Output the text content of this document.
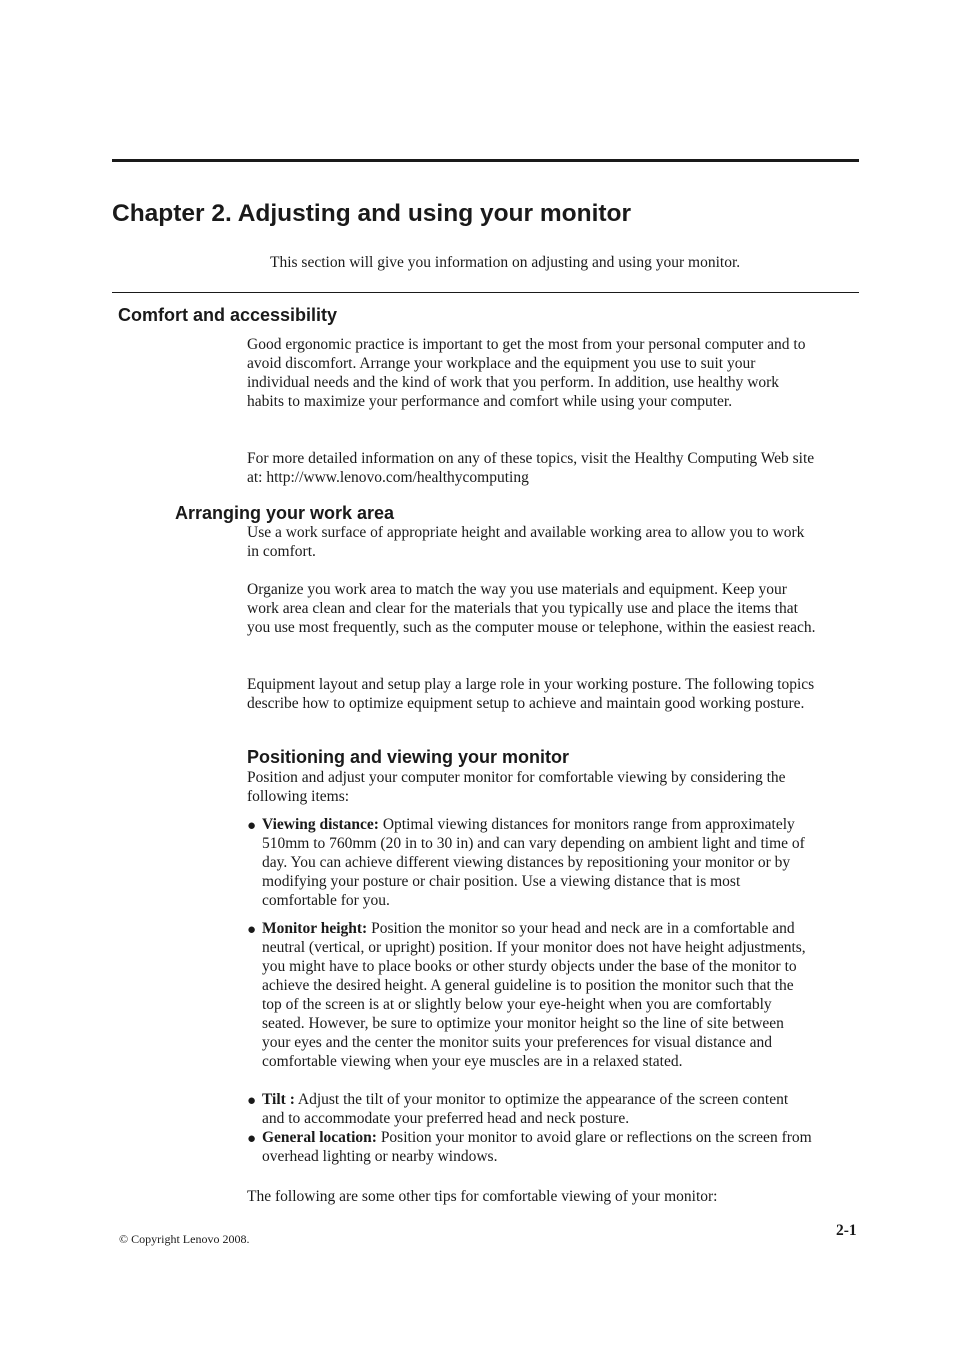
Chapter 2. Adjusting and using your monitor
This section will give you information on adjusting and using your monitor.
Comfort and accessibility

Good ergonomic practice is important to get the most from your personal computer and to avoid discomfort. Arrange your workplace and the equipment you use to suit your individual needs and the kind of work that you perform. In addition, use healthy work habits to maximize your performance and comfort while using your computer.

For more detailed information on any of these topics, visit the Healthy Computing Web site at: http://www.lenovo.com/healthycomputing

Arranging your work area

Use a work surface of appropriate height and available working area to allow you to work in comfort.

Organize you work area to match the way you use materials and equipment. Keep your work area clean and clear for the materials that you typically use and place the items that you use most frequently, such as the computer mouse or telephone, within the easiest reach.

Equipment layout and setup play a large role in your working posture. The following topics describe how to optimize equipment setup to achieve and maintain good working posture.

Positioning and viewing your monitor

Position and adjust your computer monitor for comfortable viewing by considering the following items:

● Viewing distance: Optimal viewing distances for monitors range from approximately 510mm to 760mm (20 in to 30 in) and can vary depending on ambient light and time of day. You can achieve different viewing distances by repositioning your monitor or by modifying your posture or chair position. Use a viewing distance that is most comfortable for you.

● Monitor height: Position the monitor so your head and neck are in a comfortable and neutral (vertical, or upright) position. If your monitor does not have height adjustments, you might have to place books or other sturdy objects under the base of the monitor to achieve the desired height. A general guideline is to position the monitor such that the top of the screen is at or slightly below your eye-height when you are comfortably seated. However, be sure to optimize your monitor height so the line of site between your eyes and the center the monitor suits your preferences for visual distance and comfortable viewing when your eye muscles are in a relaxed stated.

● Tilt : Adjust the tilt of your monitor to optimize the appearance of the screen content and to accommodate your preferred head and neck posture.

● General location: Position your monitor to avoid glare or reflections on the screen from overhead lighting or nearby windows.

The following are some other tips for comfortable viewing of your monitor:

© Copyright Lenovo 2008.	2-1
